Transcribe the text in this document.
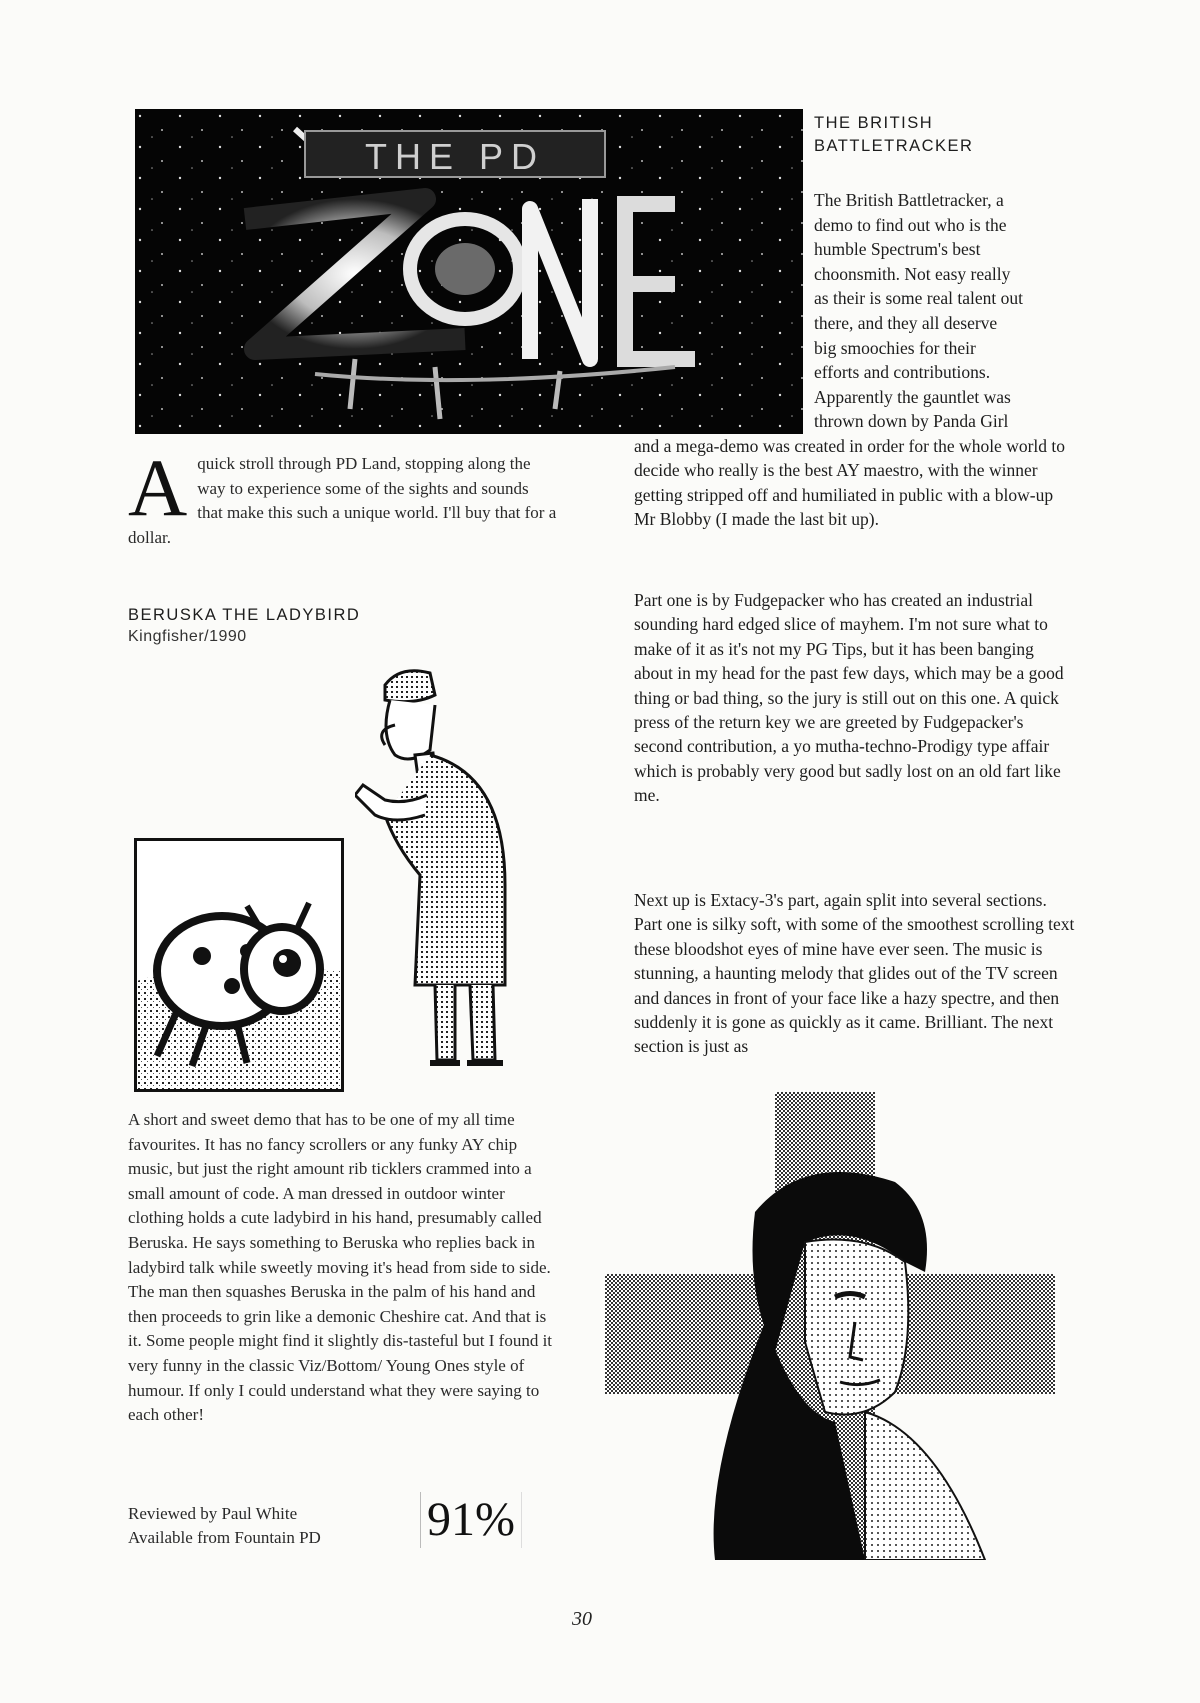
THE PD
THE BRITISH
BATTLETRACKER
The British Battletracker, a
demo to find out who is the
humble Spectrum's best
choonsmith. Not easy really
as their is some real talent out
there, and they all deserve
big smoochies for their
efforts and contributions.
Apparently the gauntlet was
thrown down by Panda Girl

and a mega-demo was created in order for the whole world to decide who really is the best AY maestro, with the winner getting stripped off and humiliated in public with a blow-up Mr Blobby (I made the last bit up).

Part one is by Fudgepacker who has created an industrial sounding hard edged slice of mayhem. I'm not sure what to make of it as it's not my PG Tips, but it has been banging about in my head for the past few days, which may be a good thing or bad thing, so the jury is still out on this one. A quick press of the return key we are greeted by Fudgepacker's second contribution, a yo mutha-techno-Prodigy type affair which is probably very good but sadly lost on an old fart like me.

Next up is Extacy-3's part, again split into several sections. Part one is silky soft, with some of the smoothest scrolling text these bloodshot eyes of mine have ever seen. The music is stunning, a haunting melody that glides out of the TV screen and dances in front of your face like a hazy spectre, and then suddenly it is gone as quickly as it came. Brilliant. The next section is just as

A quick stroll through PD Land, stopping along the way to experience some of the sights and sounds that make this such a unique world. I'll buy that for a dollar.
BERUSKA THE LADYBIRD
Kingfisher/1990

A short and sweet demo that has to be one of my all time favourites. It has no fancy scrollers or any funky AY chip music, but just the right amount rib ticklers crammed into a small amount of code. A man dressed in outdoor winter clothing holds a cute ladybird in his hand, presumably called Beruska. He says something to Beruska who replies back in ladybird talk while sweetly moving it's head from side to side. The man then squashes Beruska in the palm of his hand and then proceeds to grin like a demonic Cheshire cat. And that is it. Some people might find it slightly dis-tasteful but I found it very funny in the classic Viz/Bottom/ Young Ones style of humour. If only I could understand what they were saying to each other!

Reviewed by Paul White
Available from Fountain PD 91%
30
